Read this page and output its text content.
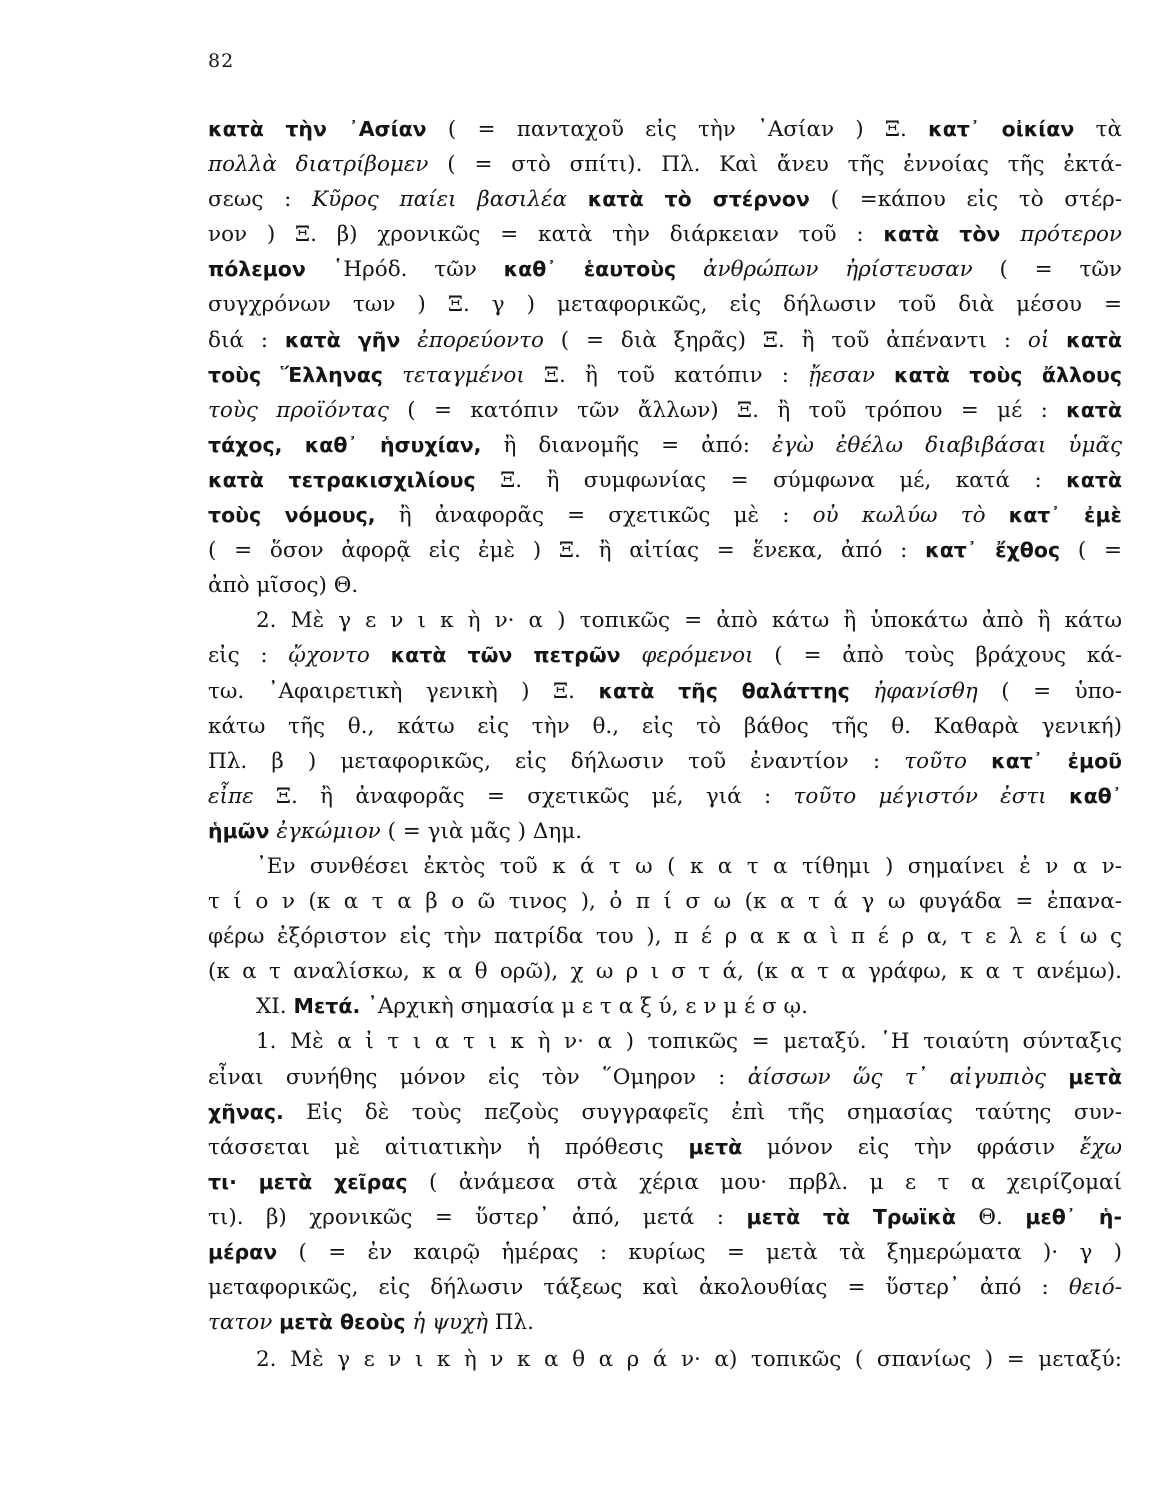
82
κατὰ τὴν ᾿Ασίαν ( = πανταχοῦ εἰς τὴν ᾿Ασίαν ) Ξ. κατ᾿ οἰκίαν τὰ
πολλὰ διατρίβομεν ( = στὸ σπίτι). Πλ. Καὶ ἄνευ τῆς ἐννοίας τῆς ἐκτά-
σεως : Κῦρος παίει βασιλέα κατὰ τὸ στέρνον ( =κάπου εἰς τὸ στέρ-
νον ) Ξ. β) χρονικῶς = κατὰ τὴν διάρκειαν τοῦ : κατὰ τὸν πρότερον
πόλεμον ῾Ηρόδ. τῶν καθ᾿ ἑαυτοὺς ἀνθρώπων ἠρίστευσαν ( = τῶν
συγχρόνων των ) Ξ. γ ) μεταφορικῶς, εἰς δήλωσιν τοῦ διὰ μέσου =
διά : κατὰ γῆν ἐπορεύοντο ( = διὰ ξηρᾶς) Ξ. ἢ τοῦ ἀπέναντι : οἱ κατὰ
τοὺς Ἕλληνας τεταγμένοι Ξ. ἢ τοῦ κατόπιν : ᾔεσαν κατὰ τοὺς ἄλλους
τοὺς προϊόντας ( = κατόπιν τῶν ἄλλων) Ξ. ἢ τοῦ τρόπου = μέ : κατὰ
τάχος, καθ᾿ ἡσυχίαν, ἢ διανομῆς = ἀπό: ἐγὼ ἐθέλω διαβιβάσαι ὑμᾶς
κατὰ τετρακισχιλίους Ξ. ἢ συμφωνίας = σύμφωνα μέ, κατά : κατὰ
τοὺς νόμους, ἢ ἀναφορᾶς = σχετικῶς μὲ : οὐ κωλύω τὸ κατ᾿ ἐμὲ
( = ὅσον ἀφορᾷ εἰς ἐμὲ ) Ξ. ἢ αἰτίας = ἕνεκα, ἀπό : κατ᾿ ἔχθος ( =
ἀπὸ μῖσος) Θ.
2. Μὲ γ ε ν ι κ ὴ ν· α ) τοπικῶς = ἀπὸ κάτω ἢ ὑποκάτω ἀπὸ ἢ κάτω
εἰς : ᾤχοντο κατὰ τῶν πετρῶν φερόμενοι ( = ἀπὸ τοὺς βράχους κά-
τω. ᾿Αφαιρετικὴ γενικὴ ) Ξ. κατὰ τῆς θαλάττης ἠφανίσθη ( = ὑπο-
κάτω τῆς θ., κάτω εἰς τὴν θ., εἰς τὸ βάθος τῆς θ. Καθαρὰ γενική)
Πλ. β ) μεταφορικῶς, εἰς δήλωσιν τοῦ ἐναντίον : τοῦτο κατ᾿ ἐμοῦ
εἶπε Ξ. ἢ ἀναφορᾶς = σχετικῶς μέ, γιά : τοῦτο μέγιστόν ἐστι καθ᾿
ἡμῶν ἐγκώμιον ( = γιὰ μᾶς ) Δημ.
᾿Εν συνθέσει ἐκτὸς τοῦ κ ά τ ω ( κ α τ α τίθημι ) σημαίνει ἐ ν α ν-
τ ί ο ν (κ α τ α β ο ῶ τινος ), ὀ π ί σ ω (κ α τ ά γ ω φυγάδα = ἐπανα-
φέρω ἐξόριστον εἰς τὴν πατρίδα του ), π έ ρ α κ α ὶ π έ ρ α, τ ε λ ε ί ω ς
(κ α τ αναλίσκω, κ α θ ορῶ), χ ω ρ ι σ τ ά, (κ α τ α γράφω, κ α τ ανέμω).
XI. Μετά. ᾿Αρχικὴ σημασία μ ε τ α ξ ύ, ε ν μ έ σ ῳ.
1. Μὲ α ἰ τ ι α τ ι κ ὴ ν· α ) τοπικῶς = μεταξύ. ῾Η τοιαύτη σύνταξις
εἶναι συνήθης μόνον εἰς τὸν ῞Ομηρον : ἀίσσων ὥς τ᾿ αἰγυπιὸς μετὰ
χῆνας. Εἰς δὲ τοὺς πεζοὺς συγγραφεῖς ἐπὶ τῆς σημασίας ταύτης συν-
τάσσεται μὲ αἰτιατικὴν ἡ πρόθεσις μετὰ μόνον εἰς τὴν φράσιν ἔχω
τι· μετὰ χεῖρας ( ἀνάμεσα στὰ χέρια μου· πρβλ. μ ε τ α χειρίζομαί
τι). β) χρονικῶς = ὕστερ᾿ ἀπό, μετά : μετὰ τὰ Τρωϊκὰ Θ. μεθ᾿ ἡ-
μέραν ( = ἐν καιρῷ ἡμέρας : κυρίως = μετὰ τὰ ξημερώματα )· γ )
μεταφορικῶς, εἰς δήλωσιν τάξεως καὶ ἀκολουθίας = ὕστερ᾿ ἀπό : θειό-
τατον μετὰ θεοὺς ἡ ψυχὴ Πλ.
2. Μὲ γ ε ν ι κ ὴ ν κ α θ α ρ ά ν· α) τοπικῶς ( σπανίως ) = μεταξύ:
